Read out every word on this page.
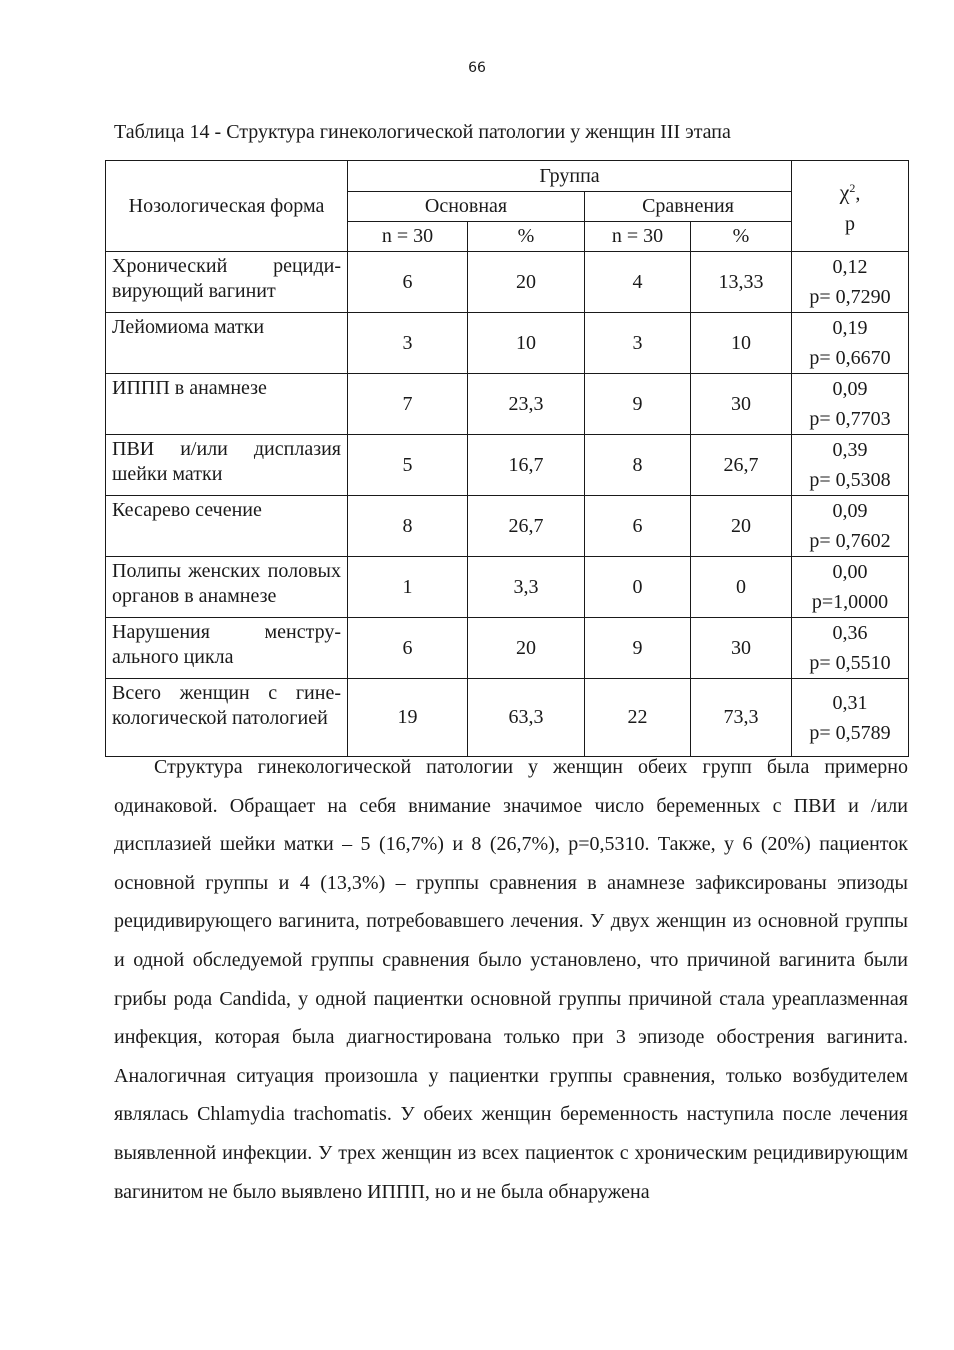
66
Таблица 14 - Структура гинекологической патологии у женщин III этапа
Нозологическая форма	Группа				$\chi^2$,
p
	Основная		Сравнения		
	n = 30	%	n = 30	%	
Хронический рецидивирующий вагинит	6	20	4	13,33	0,12
p= 0,7290
Лейомиома матки	3	10	3	10	0,19
p= 0,6670
ИППП в анамнезе	7	23,3	9	30	0,09
p= 0,7703
ПВИ и/или дисплазия шейки матки	5	16,7	8	26,7	0,39
p= 0,5308
Кесарево сечение	8	26,7	6	20	0,09
p= 0,7602
Полипы женских половых органов в анамнезе	1	3,3	0	0	0,00
p=1,0000
Нарушения менструального цикла	6	20	9	30	0,36
p= 0,5510
Всего женщин с гинекологической патологией	19	63,3	22	73,3	0,31
p= 0,5789

  Структура гинекологической патологии у женщин обеих групп была примерно одинаковой. Обращает на себя внимание значимое число беременных с ПВИ и /или дисплазией шейки матки – 5 (16,7%) и 8 (26,7%), p=0,5310. Также, у 6 (20%) пациенток основной группы и 4 (13,3%) – группы сравнения в анамнезе зафиксированы эпизоды рецидивирующего вагинита, потребовавшего лечения. У двух женщин из основной группы и одной обследуемой группы сравнения было установлено, что причиной вагинита были грибы рода Candida, у одной пациентки основной группы причиной стала уреаплазменная инфекция, которая была диагностирована только при 3 эпизоде обострения вагинита. Аналогичная ситуация произошла у пациентки группы сравнения, только возбудителем являлась Chlamydia trachomatis. У обеих женщин беременность наступила после лечения выявленной инфекции. У трех женщин из всех пациенток с хроническим рецидивирующим вагинитом не было выявлено ИППП, но и не была обнаружена
